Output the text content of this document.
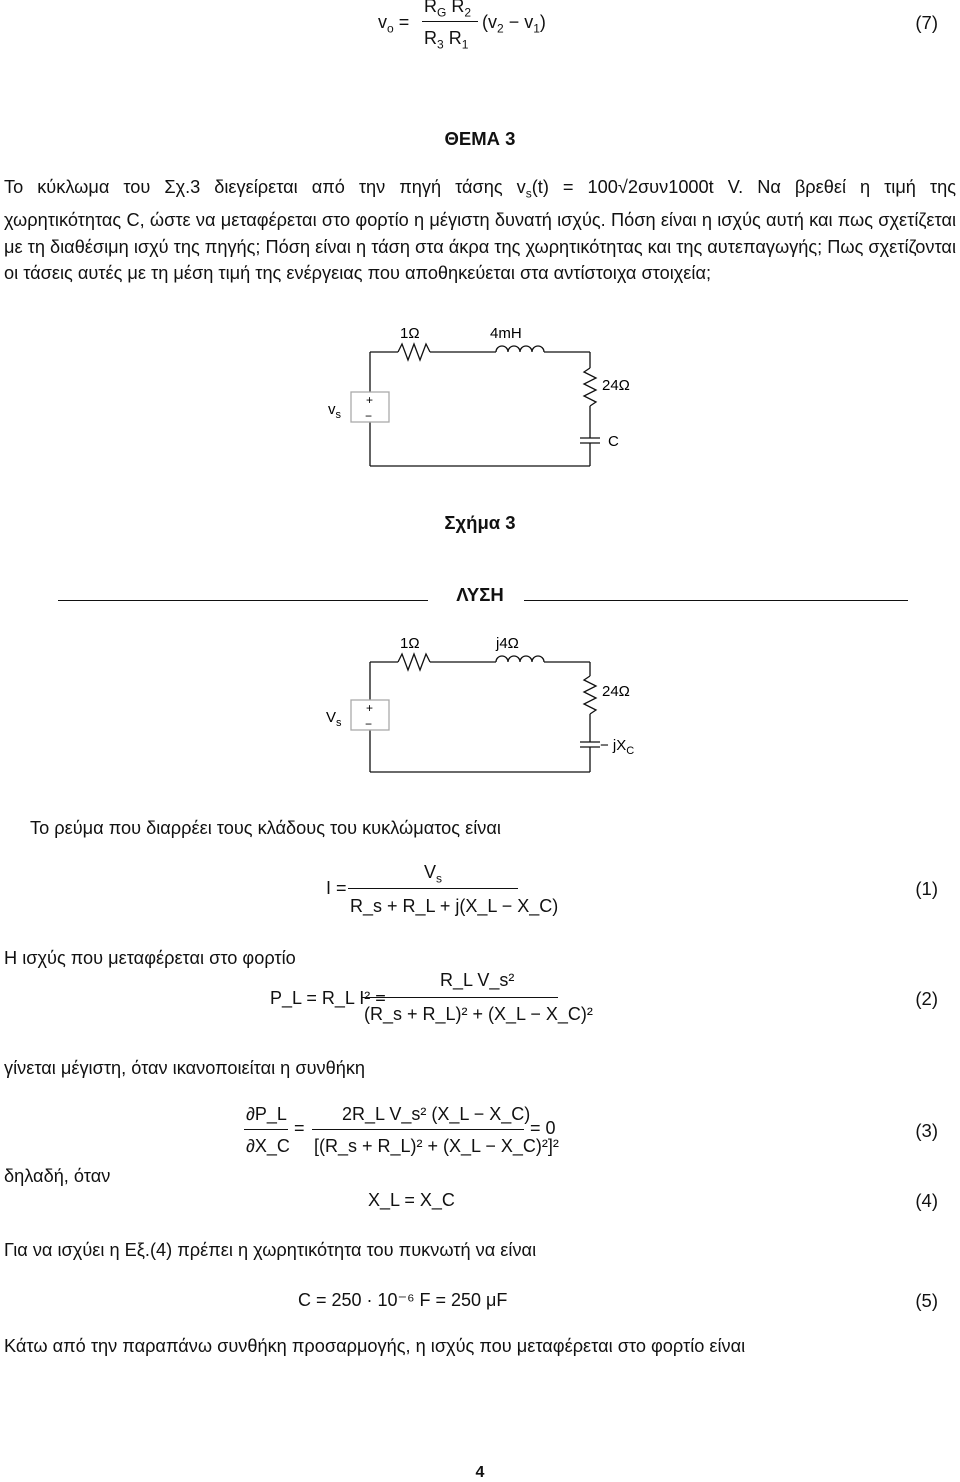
$v_o$ =
$R_G$ $R_2$
$R_3$ $R_1$
$(v_2 - v_1)$	(7)
ΘΕΜΑ 3
Το κύκλωμα του Σχ.3 διεγείρεται από την πηγή τάσης $v_s(t) = 100√2\sigma\upsilon\nu 1000t$ V. Να βρεθεί η τιμή της
χωρητικότητας C, ώστε να μεταφέρεται στο φορτίο η μέγιστη δυνατή ισχύς. Πόση είναι η ισχύς αυτή και πως σχετίζεται με τη διαθέσιμη ισχύ της πηγής; Πόση είναι η τάση στα άκρα της χωρητικότητας και της αυτεπαγωγής; Πως σχετίζονται οι τάσεις αυτές με τη μέση τιμή της ενέργειας που αποθηκεύεται στα αντίστοιχα στοιχεία;
1Ω	4mH
24Ω
C
+
−
$v_s$
Σχήμα 3
ΛΥΣΗ
1Ω	j4Ω
24Ω
− $jX_C$
+
−
$V_s$
Το ρεύμα που διαρρέει τους κλάδους του κυκλώματος είναι
I =
$V_s$
R_s + R_L + j(X_L − X_C)
(1)
Η ισχύς που μεταφέρεται στο φορτίο
P_L = R_L I² =
R_L V_s²
(R_s + R_L)² + (X_L − X_C)²
(2)
γίνεται μέγιστη, όταν ικανοποιείται η συνθήκη
∂P_L
∂X_C
=
2R_L V_s² (X_L − X_C)
[(R_s + R_L)² + (X_L − X_C)²]²
= 0	(3)
δηλαδή, όταν
X_L = X_C	(4)
Για να ισχύει η Εξ.(4) πρέπει η χωρητικότητα του πυκνωτή να είναι
C = 250 · 10⁻⁶ F = 250 μF	(5)
Κάτω από την παραπάνω συνθήκη προσαρμογής, η ισχύς που μεταφέρεται στο φορτίο είναι
4
